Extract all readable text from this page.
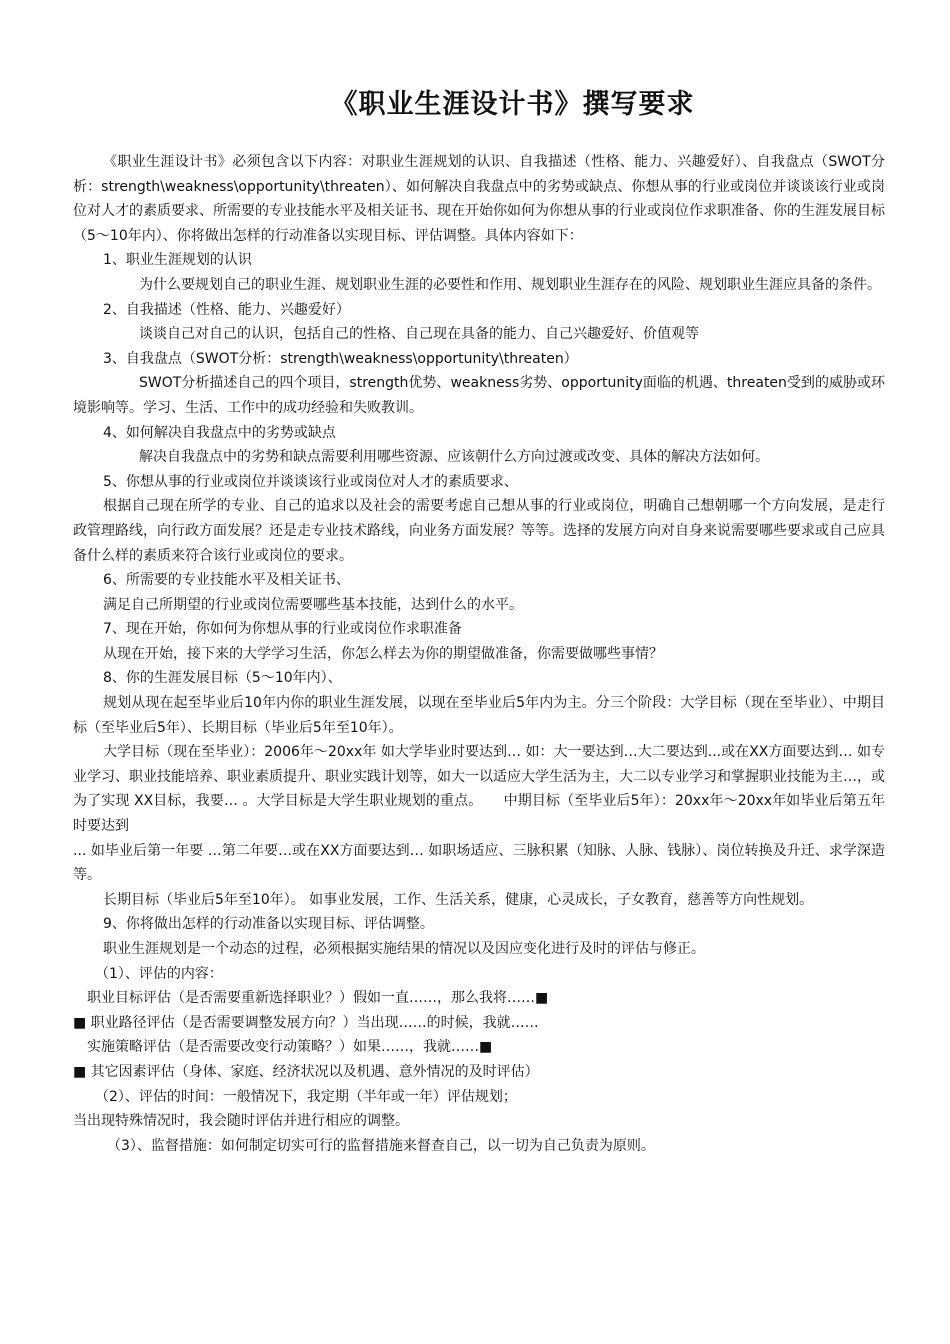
《职业生涯设计书》撰写要求

《职业生涯设计书》必须包含以下内容：对职业生涯规划的认识、自我描述（性格、能力、兴趣爱好）、自我盘点（SWOT分析：strength\weakness\opportunity\threaten）、如何解决自我盘点中的劣势或缺点、你想从事的行业或岗位并谈谈该行业或岗位对人才的素质要求、所需要的专业技能水平及相关证书、现在开始你如何为你想从事的行业或岗位作求职准备、你的生涯发展目标（5～10年内）、你将做出怎样的行动准备以实现目标、评估调整。具体内容如下：

1、职业生涯规划的认识

为什么要规划自己的职业生涯、规划职业生涯的必要性和作用、规划职业生涯存在的风险、规划职业生涯应具备的条件。

2、自我描述（性格、能力、兴趣爱好）

谈谈自己对自己的认识，包括自己的性格、自己现在具备的能力、自己兴趣爱好、价值观等

3、自我盘点（SWOT分析：strength\weakness\opportunity\threaten）

SWOT分析描述自己的四个项目，strength优势、weakness劣势、opportunity面临的机遇、threaten受到的威胁或环境影响等。学习、生活、工作中的成功经验和失败教训。

4、如何解决自我盘点中的劣势或缺点

解决自我盘点中的劣势和缺点需要利用哪些资源、应该朝什么方向过渡或改变、具体的解决方法如何。

5、你想从事的行业或岗位并谈谈该行业或岗位对人才的素质要求、

根据自己现在所学的专业、自己的追求以及社会的需要考虑自己想从事的行业或岗位，明确自己想朝哪一个方向发展，是走行政管理路线，向行政方面发展？还是走专业技术路线，向业务方面发展？等等。选择的发展方向对自身来说需要哪些要求或自己应具备什么样的素质来符合该行业或岗位的要求。

6、所需要的专业技能水平及相关证书、

满足自己所期望的行业或岗位需要哪些基本技能，达到什么的水平。

7、现在开始，你如何为你想从事的行业或岗位作求职准备

从现在开始，接下来的大学学习生活，你怎么样去为你的期望做准备，你需要做哪些事情？

8、你的生涯发展目标（5～10年内）、

规划从现在起至毕业后10年内你的职业生涯发展，以现在至毕业后5年内为主。分三个阶段：大学目标（现在至毕业）、中期目标（至毕业后5年）、长期目标（毕业后5年至10年）。

大学目标（现在至毕业）：2006年～20xx年 如大学毕业时要达到… 如：大一要达到…大二要达到...或在XX方面要达到… 如专业学习、职业技能培养、职业素质提升、职业实践计划等，如大一以适应大学生活为主，大二以专业学习和掌握职业技能为主…，或为了实现 XX目标，我要… 。大学目标是大学生职业规划的重点。　　中期目标（至毕业后5年）：20xx年～20xx年如毕业后第五年时要达到

... 如毕业后第一年要 …第二年要…或在XX方面要达到… 如职场适应、三脉积累（知脉、人脉、钱脉）、岗位转换及升迁、求学深造等。

长期目标（毕业后5年至10年）。 如事业发展，工作、生活关系，健康，心灵成长，子女教育，慈善等方向性规划。

9、你将做出怎样的行动准备以实现目标、评估调整。

职业生涯规划是一个动态的过程，必须根据实施结果的情况以及因应变化进行及时的评估与修正。

（1）、评估的内容：

职业目标评估（是否需要重新选择职业？）假如一直……，那么我将……■

■ 职业路径评估（是否需要调整发展方向？）当出现……的时候，我就……

实施策略评估（是否需要改变行动策略？）如果……，我就……■

■ 其它因素评估（身体、家庭、经济状况以及机遇、意外情况的及时评估）

（2）、评估的时间：一般情况下，我定期（半年或一年）评估规划；

当出现特殊情况时，我会随时评估并进行相应的调整。

（3）、监督措施：如何制定切实可行的监督措施来督查自己，以一切为自己负责为原则。
